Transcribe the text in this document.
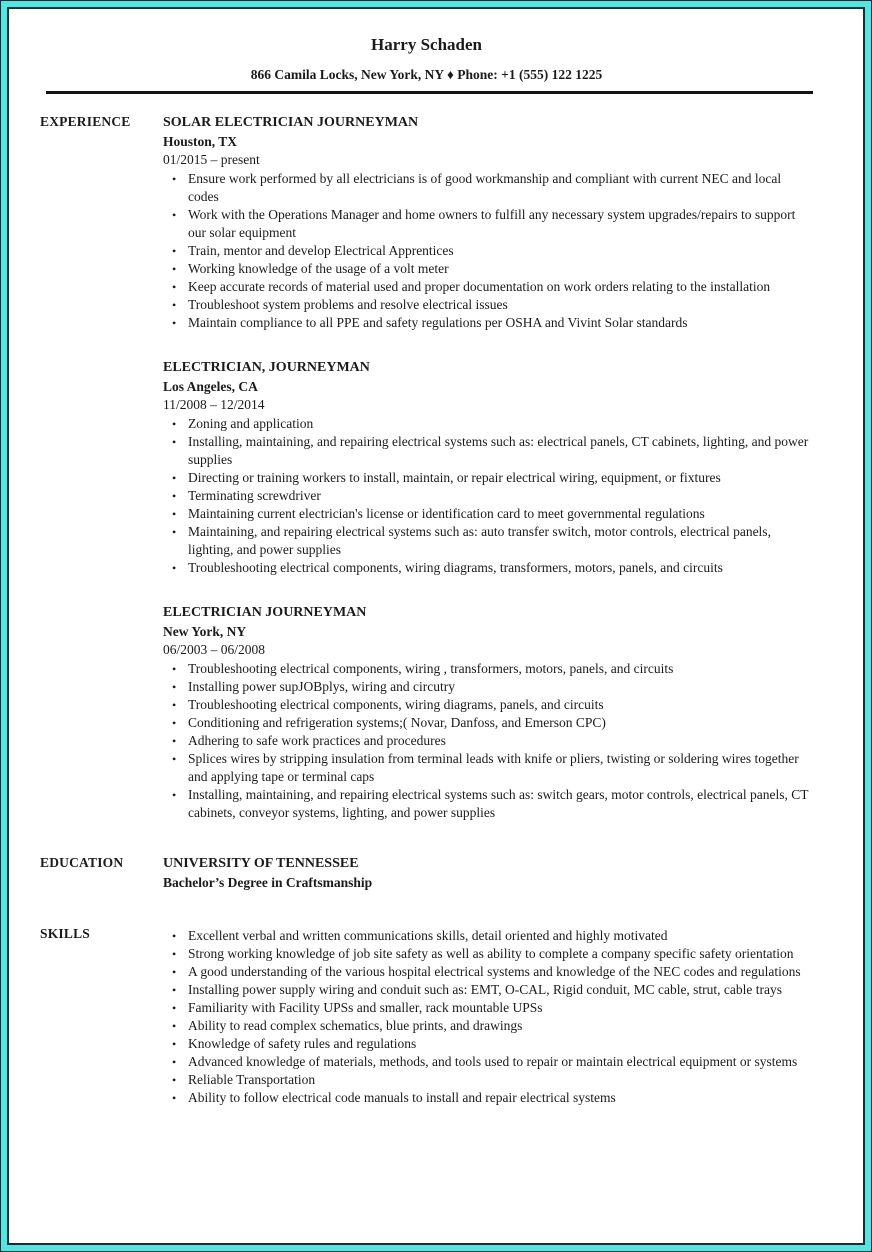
Harry Schaden
866 Camila Locks, New York, NY ♦ Phone: +1 (555) 122 1225
EXPERIENCE	SOLAR ELECTRICIAN JOURNEYMAN
Houston, TX
01/2015 – present
• Ensure work performed by all electricians is of good workmanship and compliant with current NEC and local codes
• Work with the Operations Manager and home owners to fulfill any necessary system upgrades/repairs to support our solar equipment
• Train, mentor and develop Electrical Apprentices
• Working knowledge of the usage of a volt meter
• Keep accurate records of material used and proper documentation on work orders relating to the installation
• Troubleshoot system problems and resolve electrical issues
• Maintain compliance to all PPE and safety regulations per OSHA and Vivint Solar standards
ELECTRICIAN, JOURNEYMAN
Los Angeles, CA
11/2008 – 12/2014
• Zoning and application
• Installing, maintaining, and repairing electrical systems such as: electrical panels, CT cabinets, lighting, and power supplies
• Directing or training workers to install, maintain, or repair electrical wiring, equipment, or fixtures
• Terminating screwdriver
• Maintaining current electrician's license or identification card to meet governmental regulations
• Maintaining, and repairing electrical systems such as: auto transfer switch, motor controls, electrical panels, lighting, and power supplies
• Troubleshooting electrical components, wiring diagrams, transformers, motors, panels, and circuits
ELECTRICIAN JOURNEYMAN
New York, NY
06/2003 – 06/2008
• Troubleshooting electrical components, wiring , transformers, motors, panels, and circuits
• Installing power supJOBplys, wiring and circutry
• Troubleshooting electrical components, wiring diagrams, panels, and circuits
• Conditioning and refrigeration systems;( Novar, Danfoss, and Emerson CPC)
• Adhering to safe work practices and procedures
• Splices wires by stripping insulation from terminal leads with knife or pliers, twisting or soldering wires together and applying tape or terminal caps
• Installing, maintaining, and repairing electrical systems such as: switch gears, motor controls, electrical panels, CT cabinets, conveyor systems, lighting, and power supplies
EDUCATION	UNIVERSITY OF TENNESSEE
Bachelor’s Degree in Craftsmanship
SKILLS	• Excellent verbal and written communications skills, detail oriented and highly motivated
• Strong working knowledge of job site safety as well as ability to complete a company specific safety orientation
• A good understanding of the various hospital electrical systems and knowledge of the NEC codes and regulations
• Installing power supply wiring and conduit such as: EMT, O-CAL, Rigid conduit, MC cable, strut, cable trays
• Familiarity with Facility UPSs and smaller, rack mountable UPSs
• Ability to read complex schematics, blue prints, and drawings
• Knowledge of safety rules and regulations
• Advanced knowledge of materials, methods, and tools used to repair or maintain electrical equipment or systems
• Reliable Transportation
• Ability to follow electrical code manuals to install and repair electrical systems
